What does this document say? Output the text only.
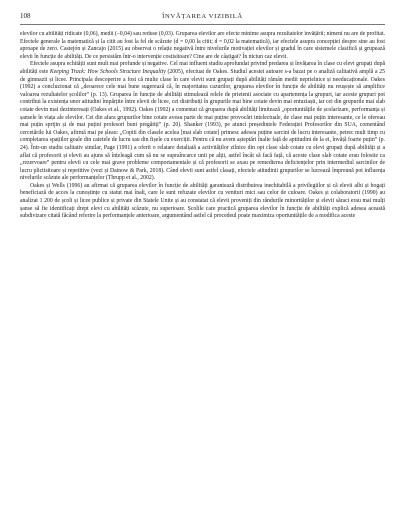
108	ÎNVĂȚAREA VIZIBILĂ

elevilor cu abilități ridicate (0,06), medii (–0,04) sau reduse (0,03). Gruparea elevilor are efecte minime asupra rezultatelor învățării; nimeni nu are de profitat. Efectele generale la matematică și la citit au fost la fel de scăzute (d = 0,00 la citit; d = 0,02 la matematică), iar efectele asupra concepției despre sine au fost aproape de zero. Castejón și Zancajo (2015) au observat o relație negativă între nivelurile motivației elevilor și gradul în care sistemele clasifică și grupează elevii în funcție de abilități. De ce persistăm într-o intervenție costisitoare? Cine are de câștigat? În niciun caz elevii.

Efectele asupra echității sunt mult mai profunde și negative. Cel mai influent studiu aprofundat privind predarea și învățarea în clase cu elevi grupați după abilități este Keeping Track: How Schools Structure Inequality (2005), efectuat de Oakes. Studiul acestei autoare s-a bazat pe o analiză calitativă amplă a 25 de gimnazii și licee. Principala descoperire a fost că multe clase în care elevii sunt grupați după abilități rămân medii neprielnice și needucaționale. Oakes (1992) a concluzionat că „deoarece cele mai bune sugerează că, în majoritatea cazurilor, gruparea elevilor în funcție de abilități nu reușește să amplifice valoarea rezultatelor școlilor” (p. 13). Gruparea în funcție de abilități stimulează relele de prietenii asociate cu apartenența la grupuri, iar aceste grupuri pot contribui la existența unor atitudini împărțite între elevii de licee, cei distribuiți în grupurile mai bine cotate devin mai entuziaști, iar cei din grupurile mai slab cotate devin mai dezinteresați (Oakes et al., 1992). Oakes (1992) a comentat că gruparea după abilități limitează „oportunitățile de școlarizare, performanța și șansele în viața ale elevilor. Cei din afara grupurilor bine cotate aveau parte de mai puține provocări intelectuale, de clase mai puțin interesante, ce le ofereau mai puțin sprijin și de mai puțini profesori buni pregătiți” (p. 20). Shanker (1993), pe atunci președintele Federației Profesorilor din SUA, comentând cercetările lui Oakes, afirmă mai pe șleau: „Copiii din clasele acelea [mai slab cotate] primesc adesea puține sarcini de lucru interesante, petrec mult timp cu completarea spațiilor goale din caietele de lucru sau din fișele cu exerciții. Pentru că nu avem așteptări înalte față de aptitudini de la ei, învăță foarte puțin” (p. 24). Într-un studiu calitativ similar, Page (1991) a oferit o relatare detaliată a activităților zilnice din opt clase slab cotate cu elevi grupați după abilități și a aflat că profesorii și elevii au ajuns să înțeleagă cum să nu se supraîncarce unii pe alții, astfel încât să facă față, că aceste clase slab cotate erau folosite ca „rezervoare” pentru elevii cu cele mai grave probleme comportamentale și că profesorii se axau pe remedierea deficiențelor prin intermediul sarcinilor de lucru plictisitoare și repetitive (vezi și Dainow & Park, 2018). Când elevii sunt astfel clasați, efectele atitudinii grupurilor se lucrează împreună pot influența nivelurile scăzute ale performanțelor (Thrupp et al., 2002).

Oakes și Wells (1996) au afirmat că gruparea elevilor în funcție de abilități garantează distribuirea inechitabilă a privilegiilor și că elevii albi și bogați beneficiază de acces la cunoștințe cu statut mai înalt, care le sunt refuzate elevilor cu venituri mici sau celor de culoare. Oakes și colaboratorii (1990) au analizat 1 200 de școli și licee publice și private din Statele Unite și au constatat că elevii proveniți din rândurile minorităților și elevii săraci erau mai mulți șanse să fie identificați drept elevi cu abilități scăzute, nu superioare. Școlile care practică gruparea elevilor în funcție de abilități explică adesea această subdivizare citată făcând referire la performanțele anterioare, argumentând astfel că procedeul poate maximiza oportunitățile de a modifica aceste
